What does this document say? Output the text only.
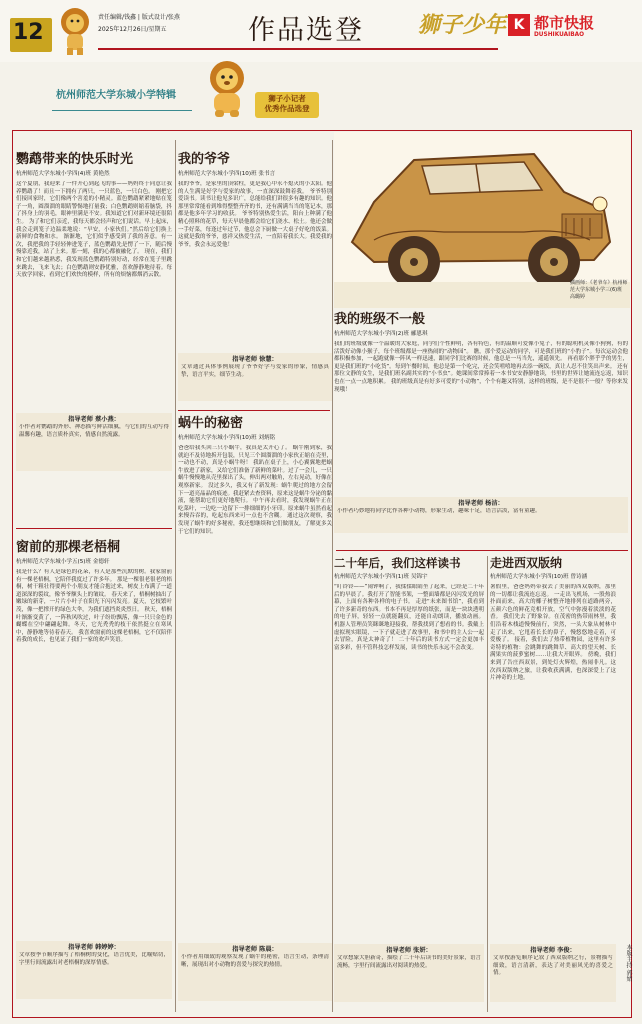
12
责任编辑/钱鑫 | 版式设计/张燕
2025年12月26日/星期五	作品选登 狮子少年 K 都市快报
DUSHIKUAIBAO
杭州师范大学东城小学特辑	狮子小记者
优秀作品选登
插画师：《老爷车》杭州师范大学东城小学三(6)班 高璐婷
鹦鹉带来的快乐时光
杭州师范大学东城小学四(4)班 黄艳然
这个夏朋，我迎来了一件开心到起飞的事——妈妈终于同意让我养鹦鹉了！而且一下拥有了两只，一只蓝色，一只白色。 刚把它们接回家时，它们像两个害羞的小精灵。蓝色鹦鹉紧紧地贴在笼子一角，圆溜溜的眼睛警惕地打量我；白色鹦鹉则缩着脑袋，抖了抖身上的羽毛，眼神里满是不安。我知道它们对新环境还很陌生。 为了和它们亲近，我每天都会轻声和它们说话。早上起床，我会走到笼子边温柔地说：“早安，小家伙们。”然后给它们换上新鲜的食物和水。 渐渐地，它们似乎感受到了我的善意。有一次，我把我的手轻轻伸进笼子，蓝色鹦鹉先是愣了一下，随后慢慢靠近我，站了上来。那一刻，我的心都被融化了。 现在，我们和它们越来越熟悉，我发现蓝色鹦鹉特别好动，经常在笼子里跳来跳去，飞来飞去；白色鹦鹉则安静优雅，喜欢静静地待着。每天放学回家，看到它们欢快的模样，所有的烦恼都烟消云散。
指导老师 蔡小燕：
小作者对鹦鹉的外形、神态描写鲜活细腻，与它们的互动写得温馨有趣，语言质朴真实，情感自然流露。
窗前的那棵老梧桐
杭州师范大学东城小学五(5)班 金德轩
我是什么？有人是绿色的花朵，有人是那些沉默的树。我家窗前有一棵老梧桐，它陪伴我度过了许多年。 那是一棵很老很老的梧桐，树干粗壮得要两个小朋友才能合抱过来，树皮上布满了一道道深深的裂纹，像爷爷额头上的皱纹。 春天来了，梧桐树抽出了嫩绿的新芽，一片片小叶子在阳光下闪闪发亮。夏天，它枝繁叶茂，像一把撑开的绿色大伞，为我们遮挡炎炎烈日。 秋天，梧桐叶渐渐变黄了，一阵秋风吹过，叶子纷纷飘落，像一只只金色的蝴蝶在空中翩翩起舞。冬天，它光秃秃的枝干依然挺立在寒风中，静静地等待着春天。 我喜欢窗前的这棵老梧桐，它不仅陪伴着我的成长，也见证了我们一家的欢声笑语。
指导老师 韩婷婷：
文章按季节顺序描写了梧桐树的变化，语言优美，比喻贴切，字里行间流露出对老梧桐的深厚情感。
我的爷爷
杭州师范大学东城小学四(10)班 张书言
我的爷爷，是家里的顶梁柱，更是我心中永不熄灭的小太阳。他的人生满是好学与爱家的故事，一直深深鼓舞着我。 爷爷特别爱读书。读书让他见多识广，总能给我们讲很多有趣的知识。他那里常常能看到堆得整整齐齐的书，还有满满当当的笔记本，那都是他多年学习的收获。 爷爷特别热爱生活，阳台上种满了他精心照料的花草，每天早晨他都会给它们浇水、松土。他还会做一手好菜，每逢过年过节，他总会下厨做一大桌子好吃的饭菜。 这就是我的爷爷，慈祥又热爱生活，一直陪着我长大。我爱我的爷爷，我会永远爱他！
指导老师 徐慧：
文章通过具体事例展现了爷爷好学与爱家的形象，情感真挚，语言平实，细节生动。
蜗牛的秘密
杭州师范大学东城小学四(10)班 刘炳铭
爸爸给我买回三只小蜗牛，我真是太开心了。 蜗牛刚到家，我就迫不及待地拆开包装，只见三个圆溜溜的小家伙正缩在壳里，一动也不动，真是小蜗牛呀！ 我趴在桌子上，小心翼翼地把蜗牛放进了新家，又给它们准备了新鲜的菜叶。过了一会儿，一只蜗牛慢慢地从壳里探出了头，伸出两对触角，左右晃动，好像在观察新家。 没过多久，我又有了新发现：蜗牛爬过的地方会留下一道亮晶晶的痕迹。我赶紧去查资料，原来这是蜗牛分泌的黏液，能帮助它们更好地爬行。 中午再去看时，我发现蜗牛正在吃菜叶，一边吃一边留下一排细细的小牙印。原来蜗牛虽然看起来慢吞吞的，吃起东西来可一点也不含糊。 通过这次观察，我发现了蜗牛的好多秘密，我还想继续和它们做朋友，了解更多关于它们的知识。
指导老师 陈晨：
小作者用细致的观察发现了蜗牛的秘密，语言生动，条理清晰，展现出对小动物的喜爱与探究的热情。
我的班级不一般
杭州师范大学东城小学四(2)班 郦恩琪
我们的班级就像一个温暖的大家庭，同学们个性鲜明，各有特色，有的温顺可爱像小兔子，有的聪明机灵像小狗狗，有的活泼好动像小猴子，每个班级都是一座热闹的“动物园”。 瞧，那个爱运动的同学，可是我们班的“小豹子”。每次运动会他都积极参加，一起跑就像一阵风一样迅速，跟同学们比赛的时候，他总是一马当先，遥遥领先。 再看那个胖乎乎的男生，更是我们班的“小吃货”。每到午餐时间，他总是第一个吃完，还会笑嘻嘻地再去添一碗饭，真让人忍不住笑出声来。 还有那位文静的女生，是我们班名副其实的“小书虫”。她课间常常捧着一本书安安静静地读，书里的世界让她流连忘返，知识也在一点一点地积累。 我的班级真是有好多可爱的“小动物”，个个有趣又特别，这样的班级，是不是很不一般？等你来发现哦！
指导老师 杨洁：
小作者巧妙地将同学比作各种小动物，形象生动，趣味十足，语言活泼，富有童趣。
二十年后，我们这样读书
杭州师范大学东城小学四(1)班 吴锦宇
“叮铃铃——”闹钟响了，我揉揉眼睛坐了起来，已经是二十年后的早晨了。我打开了智能书架，一整面墙都是闪闪发光的屏幕，上面有各种各样的电子书。 走进“未来图书馆”，我看到了许多新奇的东西。书本不再是厚厚的纸张，而是一块块透明的电子屏，轻轻一点就能翻页，还能自动朗读，播放动画。 机器人管理员笑眯眯地迎接我，帮我找到了想看的书。我戴上虚拟现实眼镜，一下子就走进了故事里，和书中的主人公一起去冒险，真是太神奇了！ 二十年后的读书方式一定会更加丰富多彩，但不管科技怎样发展，读书的快乐永远不会改变。
指导老师 张妍：
文章想象大胆新奇，描绘了二十年后读书的美好景象，语言流畅，字里行间流露出对阅读的热爱。
走进西双版纳
杭州师范大学东城小学四(10)班 曾诗涵
暑假里，爸爸妈妈带我去了美丽的西双版纳，那里的一切都让我流连忘返。 一走出飞机场，一股热浪扑面而来，高大的椰子树整齐地排列在道路两旁，五颜六色的鲜花竞相开放，空气中弥漫着淡淡的花香。 我们先去了野象谷。在茂密的热带雨林里，我们沿着木栈道慢慢前行，突然，一头大象从树林中走了出来，它甩着长长的鼻子，慢悠悠地走着，可爱极了。 接着，我们去了热带植物园，这里有许多奇特的植物：会跳舞的跳舞草、高大的望天树、长满果实的菠萝蜜树……让我大开眼界。 傍晚，我们来到了告庄西双景，到处灯火辉煌，热闹非凡。这次西双版纳之旅，让我收获满满，也深深爱上了这片神奇的土地。
指导老师 李俊：
文章按游览顺序记叙了西双版纳之行，景物描写细致，语言清新，表达了对美丽风光的喜爱之情。	本版主持 郭婧
